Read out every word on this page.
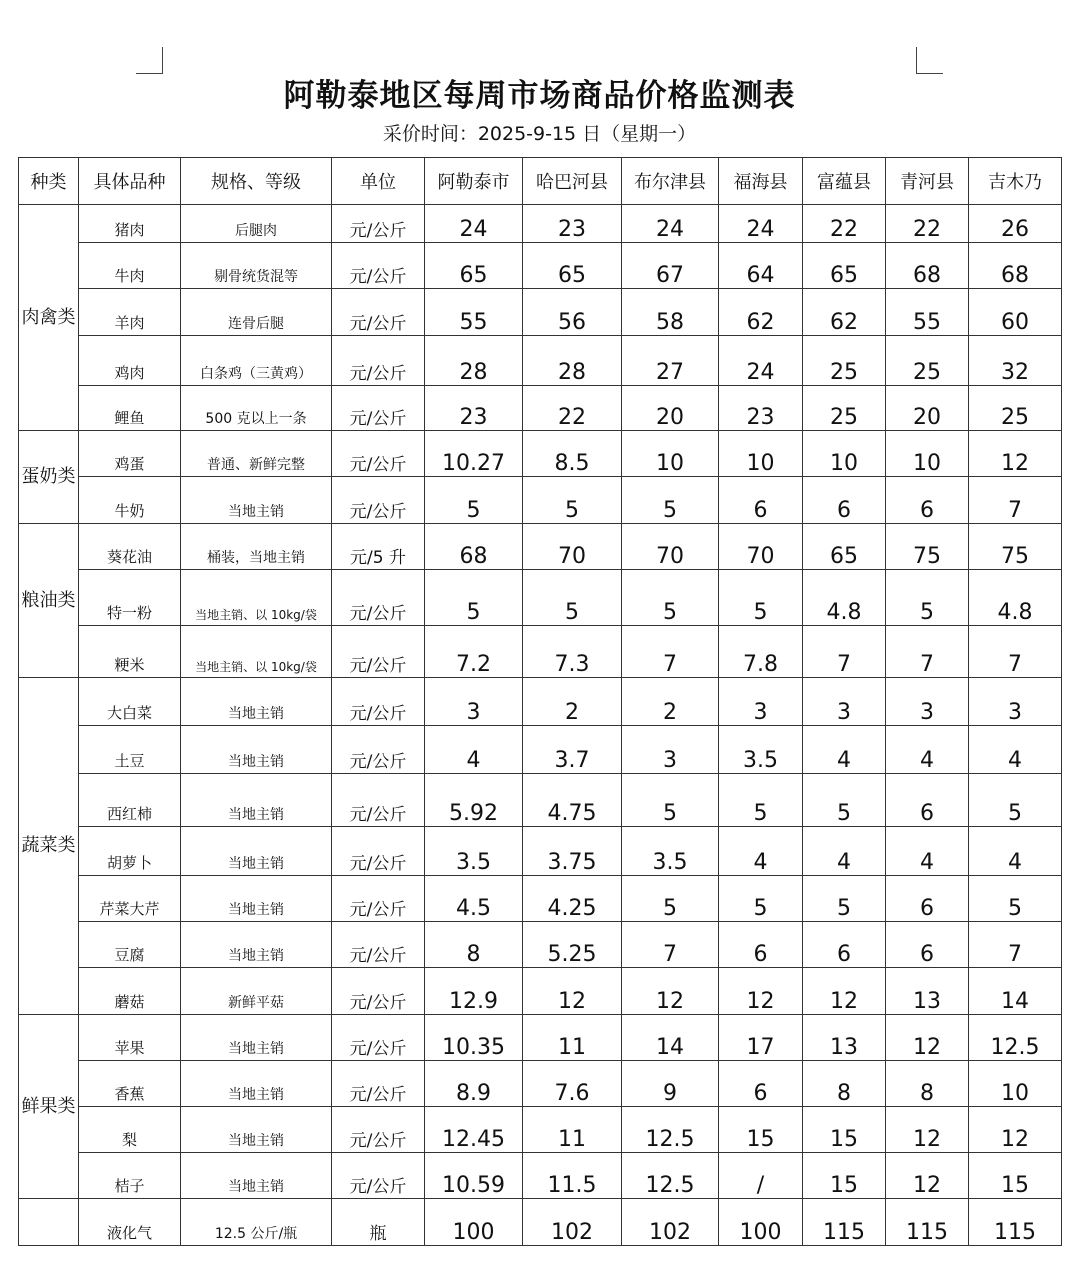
阿勒泰地区每周市场商品价格监测表
采价时间：2025-9-15 日（星期一）
种类	具体品种	规格、等级	单位	阿勒泰市	哈巴河县	布尔津县	福海县	富蕴县	青河县	吉木乃
肉禽类	猪肉	后腿肉	元/公斤	24	23	24	24	22	22	26
	牛肉	剔骨统货混等	元/公斤	65	65	67	64	65	68	68
	羊肉	连骨后腿	元/公斤	55	56	58	62	62	55	60
	鸡肉	白条鸡（三黄鸡）	元/公斤	28	28	27	24	25	25	32
	鲤鱼	500 克以上一条	元/公斤	23	22	20	23	25	20	25
蛋奶类	鸡蛋	普通、新鲜完整	元/公斤	10.27	8.5	10	10	10	10	12
	牛奶	当地主销	元/公斤	5	5	5	6	6	6	7
粮油类	葵花油	桶装，当地主销	元/5 升	68	70	70	70	65	75	75
	特一粉	当地主销、以 10kg/袋	元/公斤	5	5	5	5	4.8	5	4.8
	粳米	当地主销、以 10kg/袋	元/公斤	7.2	7.3	7	7.8	7	7	7
蔬菜类	大白菜	当地主销	元/公斤	3	2	2	3	3	3	3
	土豆	当地主销	元/公斤	4	3.7	3	3.5	4	4	4
	西红柿	当地主销	元/公斤	5.92	4.75	5	5	5	6	5
	胡萝卜	当地主销	元/公斤	3.5	3.75	3.5	4	4	4	4
	芹菜大芹	当地主销	元/公斤	4.5	4.25	5	5	5	6	5
	豆腐	当地主销	元/公斤	8	5.25	7	6	6	6	7
	蘑菇	新鲜平菇	元/公斤	12.9	12	12	12	12	13	14
鲜果类	苹果	当地主销	元/公斤	10.35	11	14	17	13	12	12.5
	香蕉	当地主销	元/公斤	8.9	7.6	9	6	8	8	10
	梨	当地主销	元/公斤	12.45	11	12.5	15	15	12	12
	桔子	当地主销	元/公斤	10.59	11.5	12.5	/	15	12	15
	液化气	12.5 公斤/瓶	瓶	100	102	102	100	115	115	115
